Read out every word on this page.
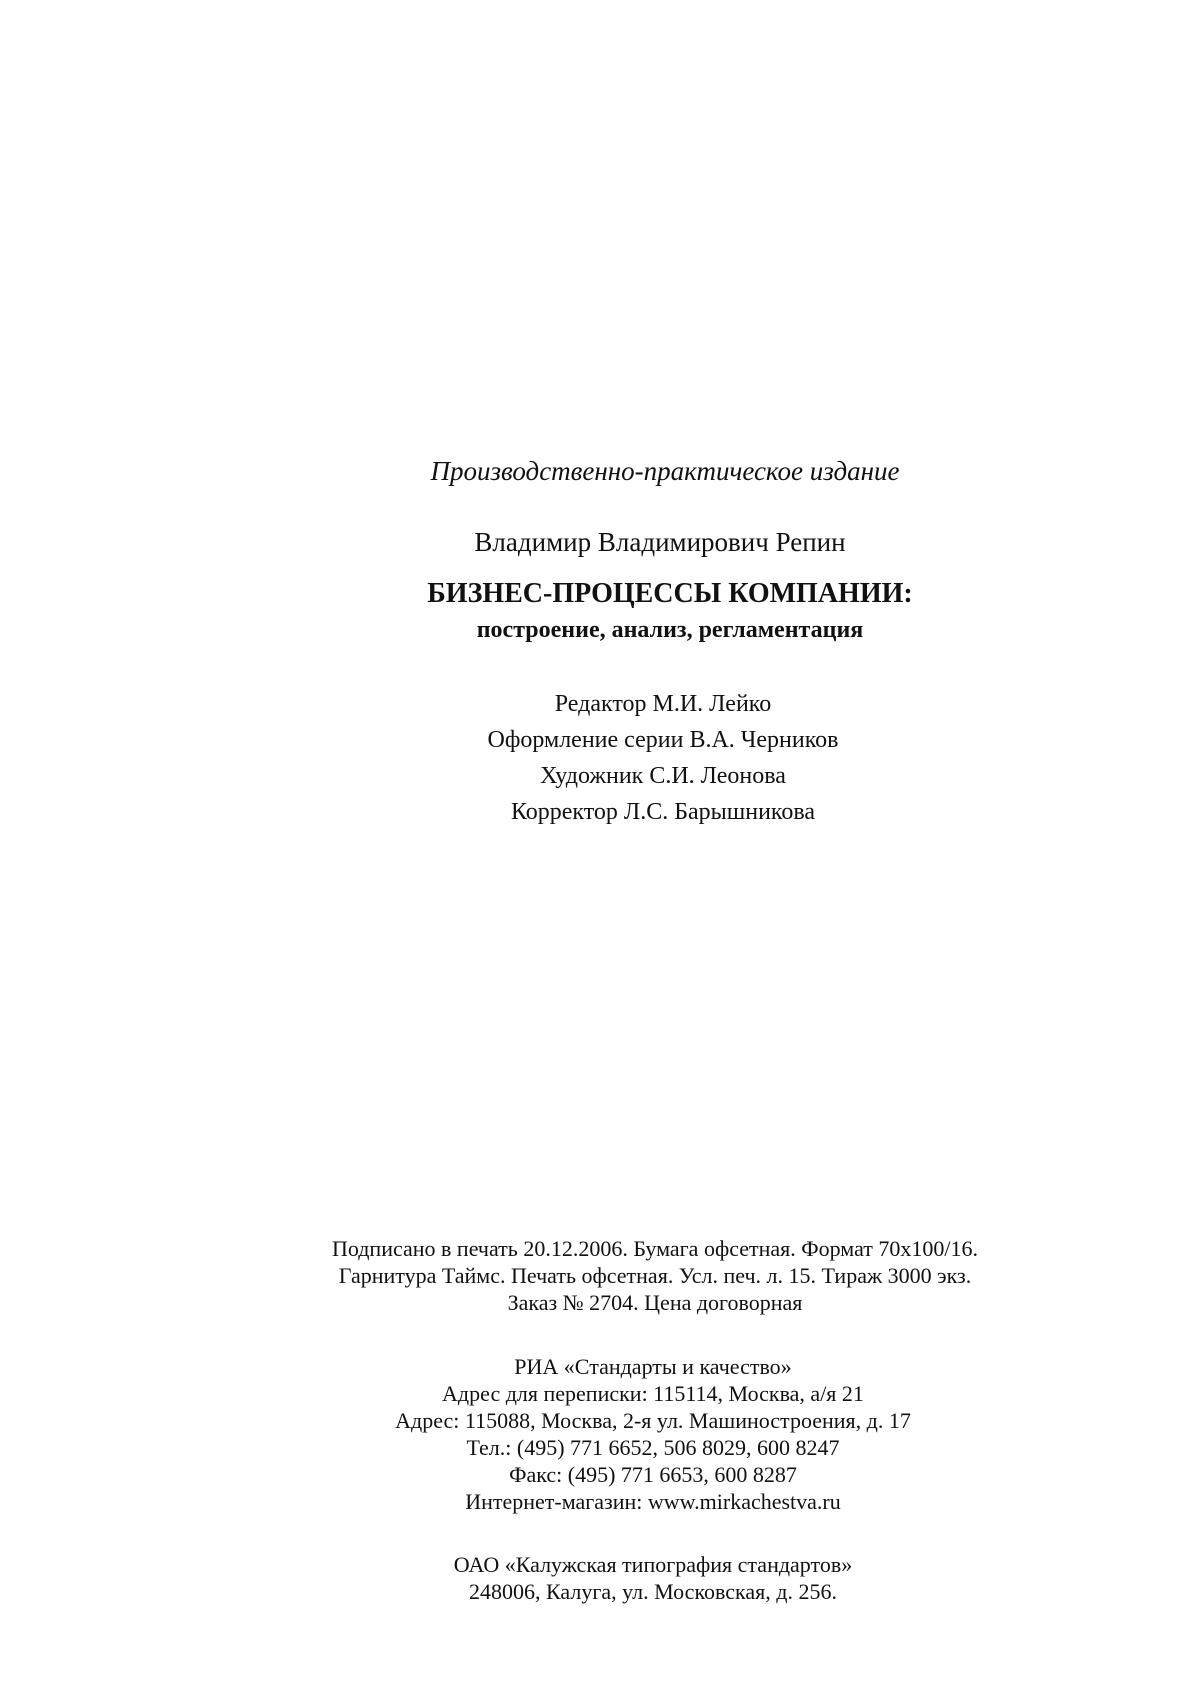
Производственно-практическое издание
Владимир Владимирович Репин
БИЗНЕС-ПРОЦЕССЫ КОМПАНИИ:
построение, анализ, регламентация
Редактор М.И. Лейко
Оформление серии В.А. Черников
Художник С.И. Леонова
Корректор Л.С. Барышникова
Подписано в печать 20.12.2006. Бумага офсетная. Формат 70x100/16.
Гарнитура Таймс. Печать офсетная. Усл. печ. л. 15. Тираж 3000 экз.
Заказ № 2704. Цена договорная
РИА «Стандарты и качество»
Адрес для переписки: 115114, Москва, а/я 21
Адрес: 115088, Москва, 2-я ул. Машиностроения, д. 17
Тел.: (495) 771 6652, 506 8029, 600 8247
Факс: (495) 771 6653, 600 8287
Интернет-магазин: www.mirkachestva.ru
ОАО «Калужская типография стандартов»
248006, Калуга, ул. Московская, д. 256.
